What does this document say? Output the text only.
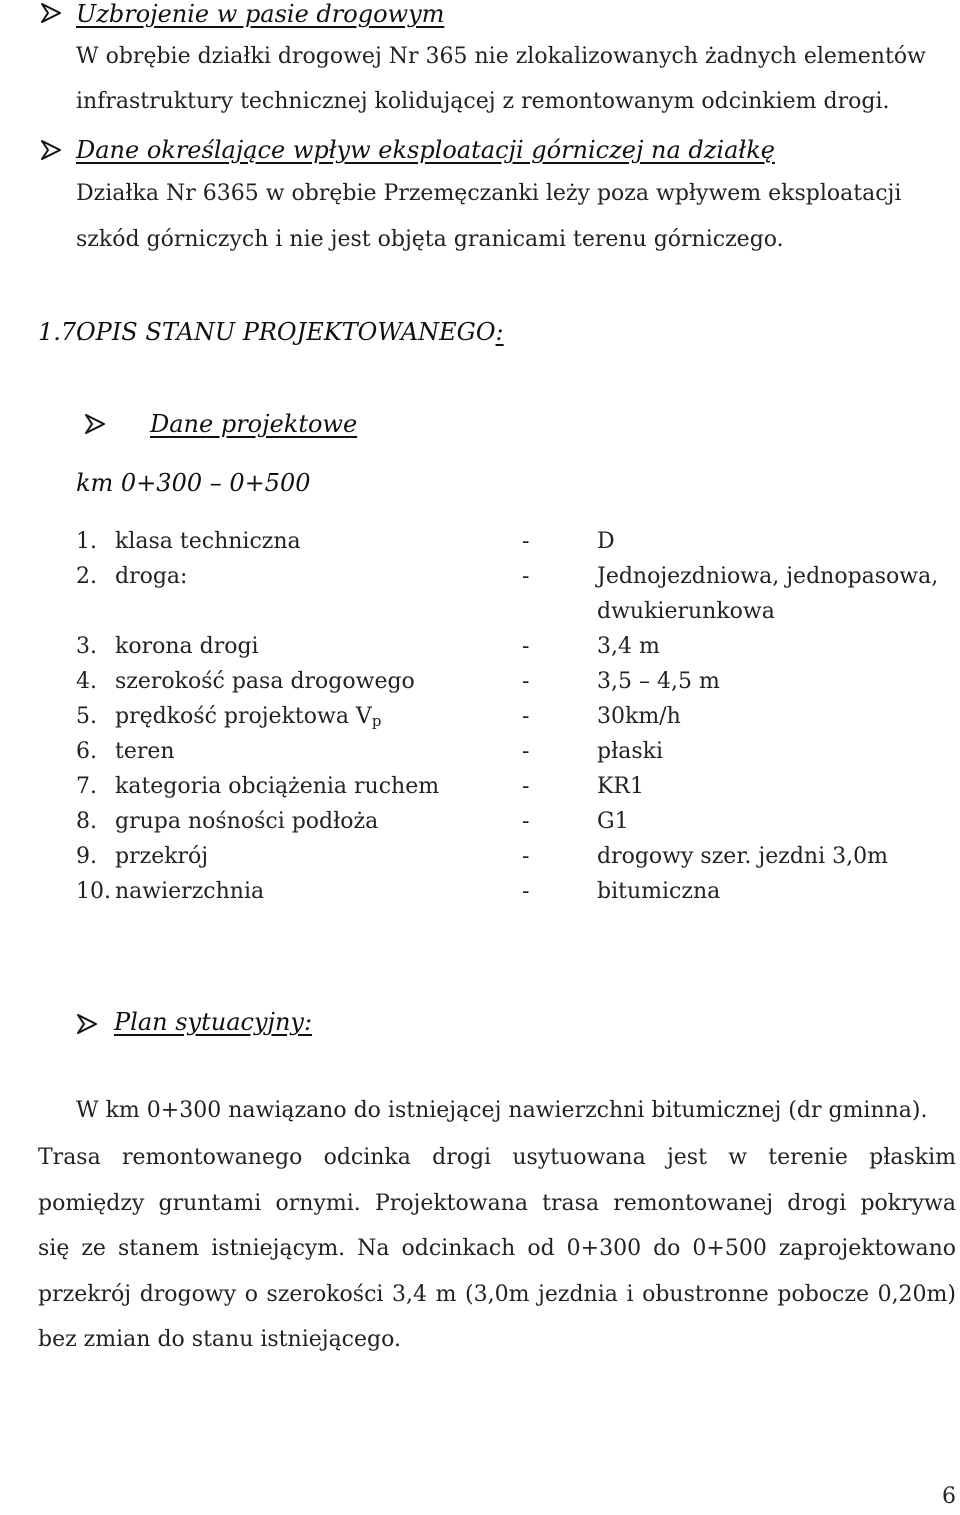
Uzbrojenie w pasie drogowym
W obrębie działki drogowej Nr 365 nie zlokalizowanych żadnych elementów
infrastruktury technicznej kolidującej z remontowanym odcinkiem drogi.
Dane określające wpływ eksploatacji górniczej na działkę
Działka Nr 6365 w obrębie Przemęczanki leży poza wpływem eksploatacji
szkód górniczych i nie jest objęta granicami terenu górniczego.
1.7.
OPIS STANU PROJEKTOWANEGO:
Dane projektowe
km 0+300 – 0+500
1. klasa techniczna	-	D
2. droga:	-	Jednojezdniowa, jednopasowa,
dwukierunkowa
3. korona drogi	-	3,4 m
4. szerokość pasa drogowego	-	3,5 – 4,5 m
5. prędkość projektowa $V_p$	-	30km/h
6. teren	-	płaski
7. kategoria obciążenia ruchem	-	KR1
8. grupa nośności podłoża	-	G1
9. przekrój	-	drogowy szer. jezdni 3,0m
10. nawierzchnia	-	bitumiczna
Plan sytuacyjny:
W km 0+300 nawiązano do istniejącej nawierzchni bitumicznej (dr gminna).
Trasa remontowanego odcinka drogi usytuowana jest w terenie płaskim
pomiędzy gruntami ornymi. Projektowana trasa remontowanej drogi pokrywa
się ze stanem istniejącym. Na odcinkach od 0+300 do 0+500 zaprojektowano
przekrój drogowy o szerokości 3,4 m (3,0m jezdnia i obustronne pobocze 0,20m)
bez zmian do stanu istniejącego.
6
